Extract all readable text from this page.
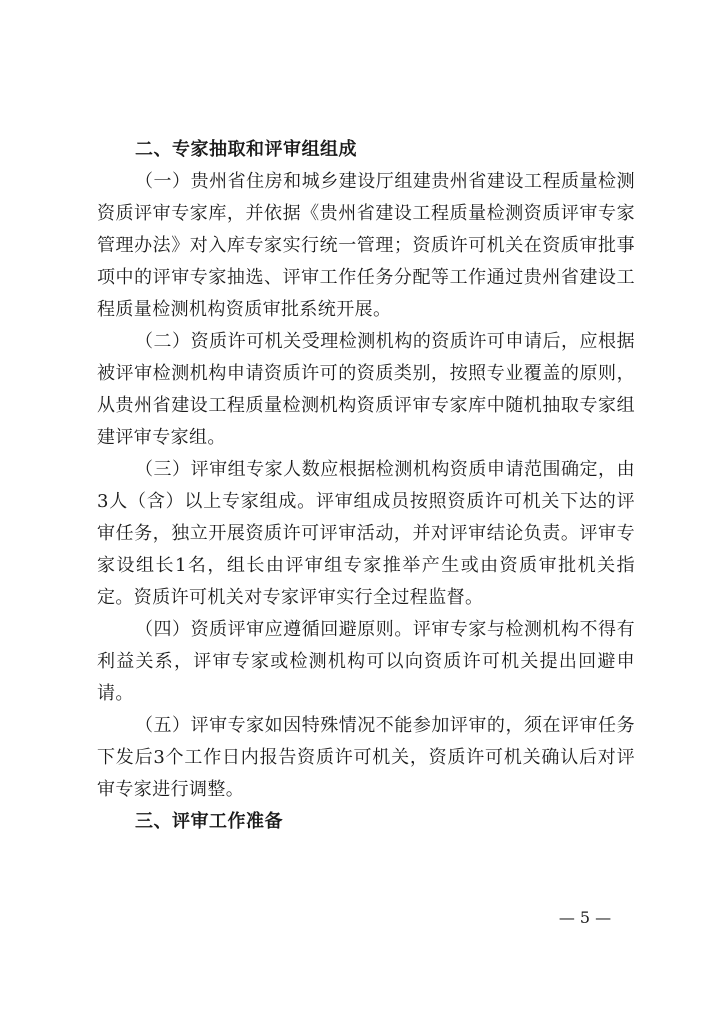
二、专家抽取和评审组组成

（一）贵州省住房和城乡建设厅组建贵州省建设工程质量检测资质评审专家库，并依据《贵州省建设工程质量检测资质评审专家管理办法》对入库专家实行统一管理；资质许可机关在资质审批事项中的评审专家抽选、评审工作任务分配等工作通过贵州省建设工程质量检测机构资质审批系统开展。

（二）资质许可机关受理检测机构的资质许可申请后，应根据被评审检测机构申请资质许可的资质类别，按照专业覆盖的原则，从贵州省建设工程质量检测机构资质评审专家库中随机抽取专家组建评审专家组。

（三）评审组专家人数应根据检测机构资质申请范围确定，由3人（含）以上专家组成。评审组成员按照资质许可机关下达的评审任务，独立开展资质许可评审活动，并对评审结论负责。评审专家设组长1名，组长由评审组专家推举产生或由资质审批机关指定。资质许可机关对专家评审实行全过程监督。

（四）资质评审应遵循回避原则。评审专家与检测机构不得有利益关系，评审专家或检测机构可以向资质许可机关提出回避申请。

（五）评审专家如因特殊情况不能参加评审的，须在评审任务下发后3个工作日内报告资质许可机关，资质许可机关确认后对评审专家进行调整。

三、评审工作准备

— 5 —
